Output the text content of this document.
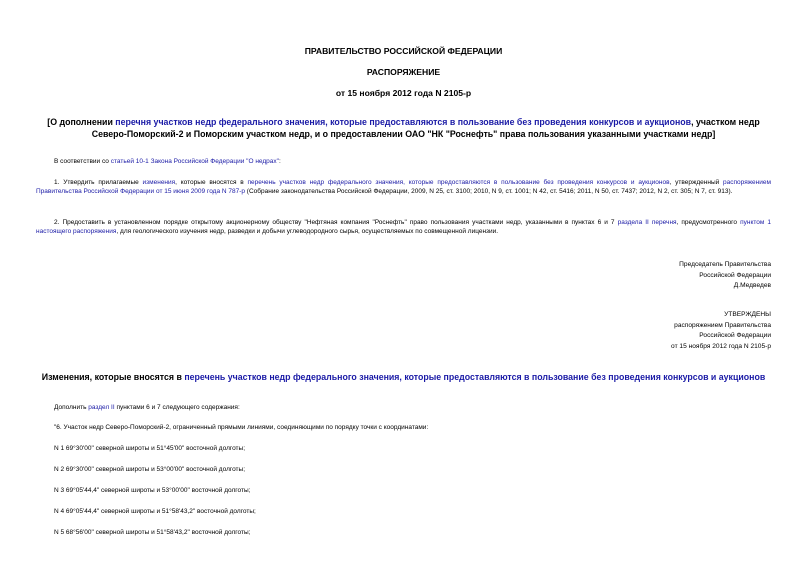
ПРАВИТЕЛЬСТВО РОССИЙСКОЙ ФЕДЕРАЦИИ
РАСПОРЯЖЕНИЕ
от 15 ноября 2012 года N 2105-р
[О дополнении перечня участков недр федерального значения, которые предоставляются в пользование без проведения конкурсов и аукционов, участком недр Северо-Поморский-2 и Поморским участком недр, и о предоставлении ОАО "НК "Роснефть" права пользования указанными участками недр]
В соответствии со статьей 10-1 Закона Российской Федерации "О недрах":
1. Утвердить прилагаемые изменения, которые вносятся в перечень участков недр федерального значения, которые предоставляются в пользование без проведения конкурсов и аукционов, утвержденный распоряжением Правительства Российской Федерации от 15 июня 2009 года N 787-р (Собрание законодательства Российской Федерации, 2009, N 25, ст. 3100; 2010, N 9, ст. 1001; N 42, ст. 5416; 2011, N 50, ст. 7437; 2012, N 2, ст. 305; N 7, ст. 913).
2. Предоставить в установленном порядке открытому акционерному обществу "Нефтяная компания "Роснефть" право пользования участками недр, указанными в пунктах 6 и 7 раздела II перечня, предусмотренного пунктом 1 настоящего распоряжения, для геологического изучения недр, разведки и добычи углеводородного сырья, осуществляемых по совмещенной лицензии.
Председатель Правительства
Российской Федерации
Д.Медведев
УТВЕРЖДЕНЫ
распоряжением Правительства
Российской Федерации
от 15 ноября 2012 года N 2105-р
Изменения, которые вносятся в перечень участков недр федерального значения, которые предоставляются в пользование без проведения конкурсов и аукционов
Дополнить раздел II пунктами 6 и 7 следующего содержания:
"6. Участок недр Северо-Поморский-2, ограниченный прямыми линиями, соединяющими по порядку точки с координатами:
N 1 69°30'00" северной широты и 51°45'00" восточной долготы;
N 2 69°30'00" северной широты и 53°00'00" восточной долготы;
N 3 69°05'44,4" северной широты и 53°00'00" восточной долготы;
N 4 69°05'44,4" северной широты и 51°58'43,2" восточной долготы;
N 5 68°56'00" северной широты и 51°58'43,2" восточной долготы;
